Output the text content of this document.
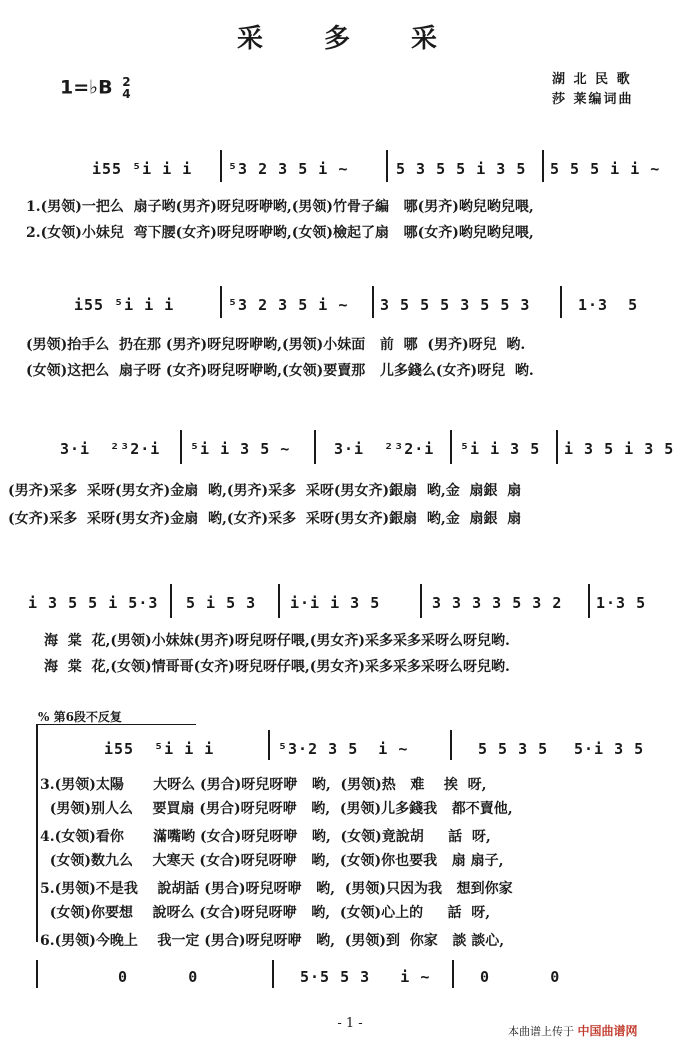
采 多 采
1=♭B 2
4
湖 北 民 歌
莎 莱编词曲
i55 ⁵i i i ⁵3 2 3 5 i ~	5 3 5 5 i 3 5 5 5 5 i i ~
1.(男领)一把么  扇子哟(男齐)呀兒呀咿哟,(男领)竹骨子編   哪(男齐)哟兒哟兒喂,
2.(女领)小妹兒  弯下腰(女齐)呀兒呀咿哟,(女领)檢起了扇   哪(女齐)哟兒哟兒喂,
i55 ⁵i i i	⁵3 2 3 5 i ~ 3 5 5 5 3 5 5 3	1·3  5
(男领)抬手么  扔在那 (男齐)呀兒呀咿哟,(男领)小妹面   前  哪  (男齐)呀兒  哟.
(女领)这把么  扇子呀 (女齐)呀兒呀咿哟,(女领)要賣那   儿多錢么(女齐)呀兒  哟.
3·i  ²³2·i ⁵i i 3 5 ~	3·i  ²³2·i ⁵i i 3 5 i 3 5 i 3 5
(男齐)采多  采呀(男女齐)金扇  哟,(男齐)采多  采呀(男女齐)銀扇  哟,金  扇銀  扇
(女齐)采多  采呀(男女齐)金扇  哟,(女齐)采多  采呀(男女齐)銀扇  哟,金  扇銀  扇
i 3 5 5 i 5·3 5 i 5 3 i·i i 3 5	3 3 3 3 5 3 2 1·3 5
海  棠  花,(男领)小妹妹(男齐)呀兒呀仔喂,(男女齐)采多采多采呀么呀兒哟.
海  棠  花,(女领)情哥哥(女齐)呀兒呀仔喂,(男女齐)采多采多采呀么呀兒哟.
% 第6段不反复
i55  ⁵i i i	⁵3·2 3 5  i ~	5 5 3 5 5·i 3 5
3.(男领)太陽      大呀么 (男合)呀兒呀咿   哟,  (男领)热   难    挨  呀,
(男领)别人么    要買扇 (男合)呀兒呀咿   哟,  (男领)儿多錢我   都不賣他,
4.(女领)看你      滿嘴哟 (女合)呀兒呀咿   哟,  (女领)竟說胡     話  呀,
(女领)数九么    大寒天 (女合)呀兒呀咿   哟,  (女领)你也要我   扇 扇子,
5.(男领)不是我    說胡話 (男合)呀兒呀咿   哟,  (男领)只因为我   想到你家
(女领)你要想    說呀么 (女合)呀兒呀咿   哟,  (女领)心上的     話  呀,
6.(男领)今晚上    我一定 (男合)呀兒呀咿   哟,  (男领)到  你家   談 談心,
0      0	5·5 5 3   i ~	0      0
- 1 -
本曲谱上传于 中国曲谱网
